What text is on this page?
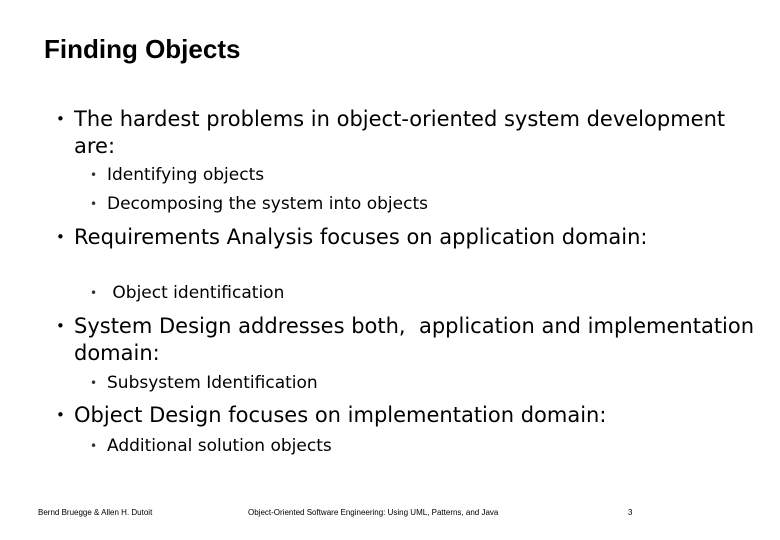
Finding Objects
• The hardest problems in object-oriented system development are:
• Identifying objects
• Decomposing the system into objects
• Requirements Analysis focuses on application domain:
• Object identification
• System Design addresses both,  application and implementation domain:
• Subsystem Identification
• Object Design focuses on implementation domain:
• Additional solution objects
Bernd Bruegge & Allen H. Dutoit	Object-Oriented Software Engineering: Using UML, Patterns, and Java	3
